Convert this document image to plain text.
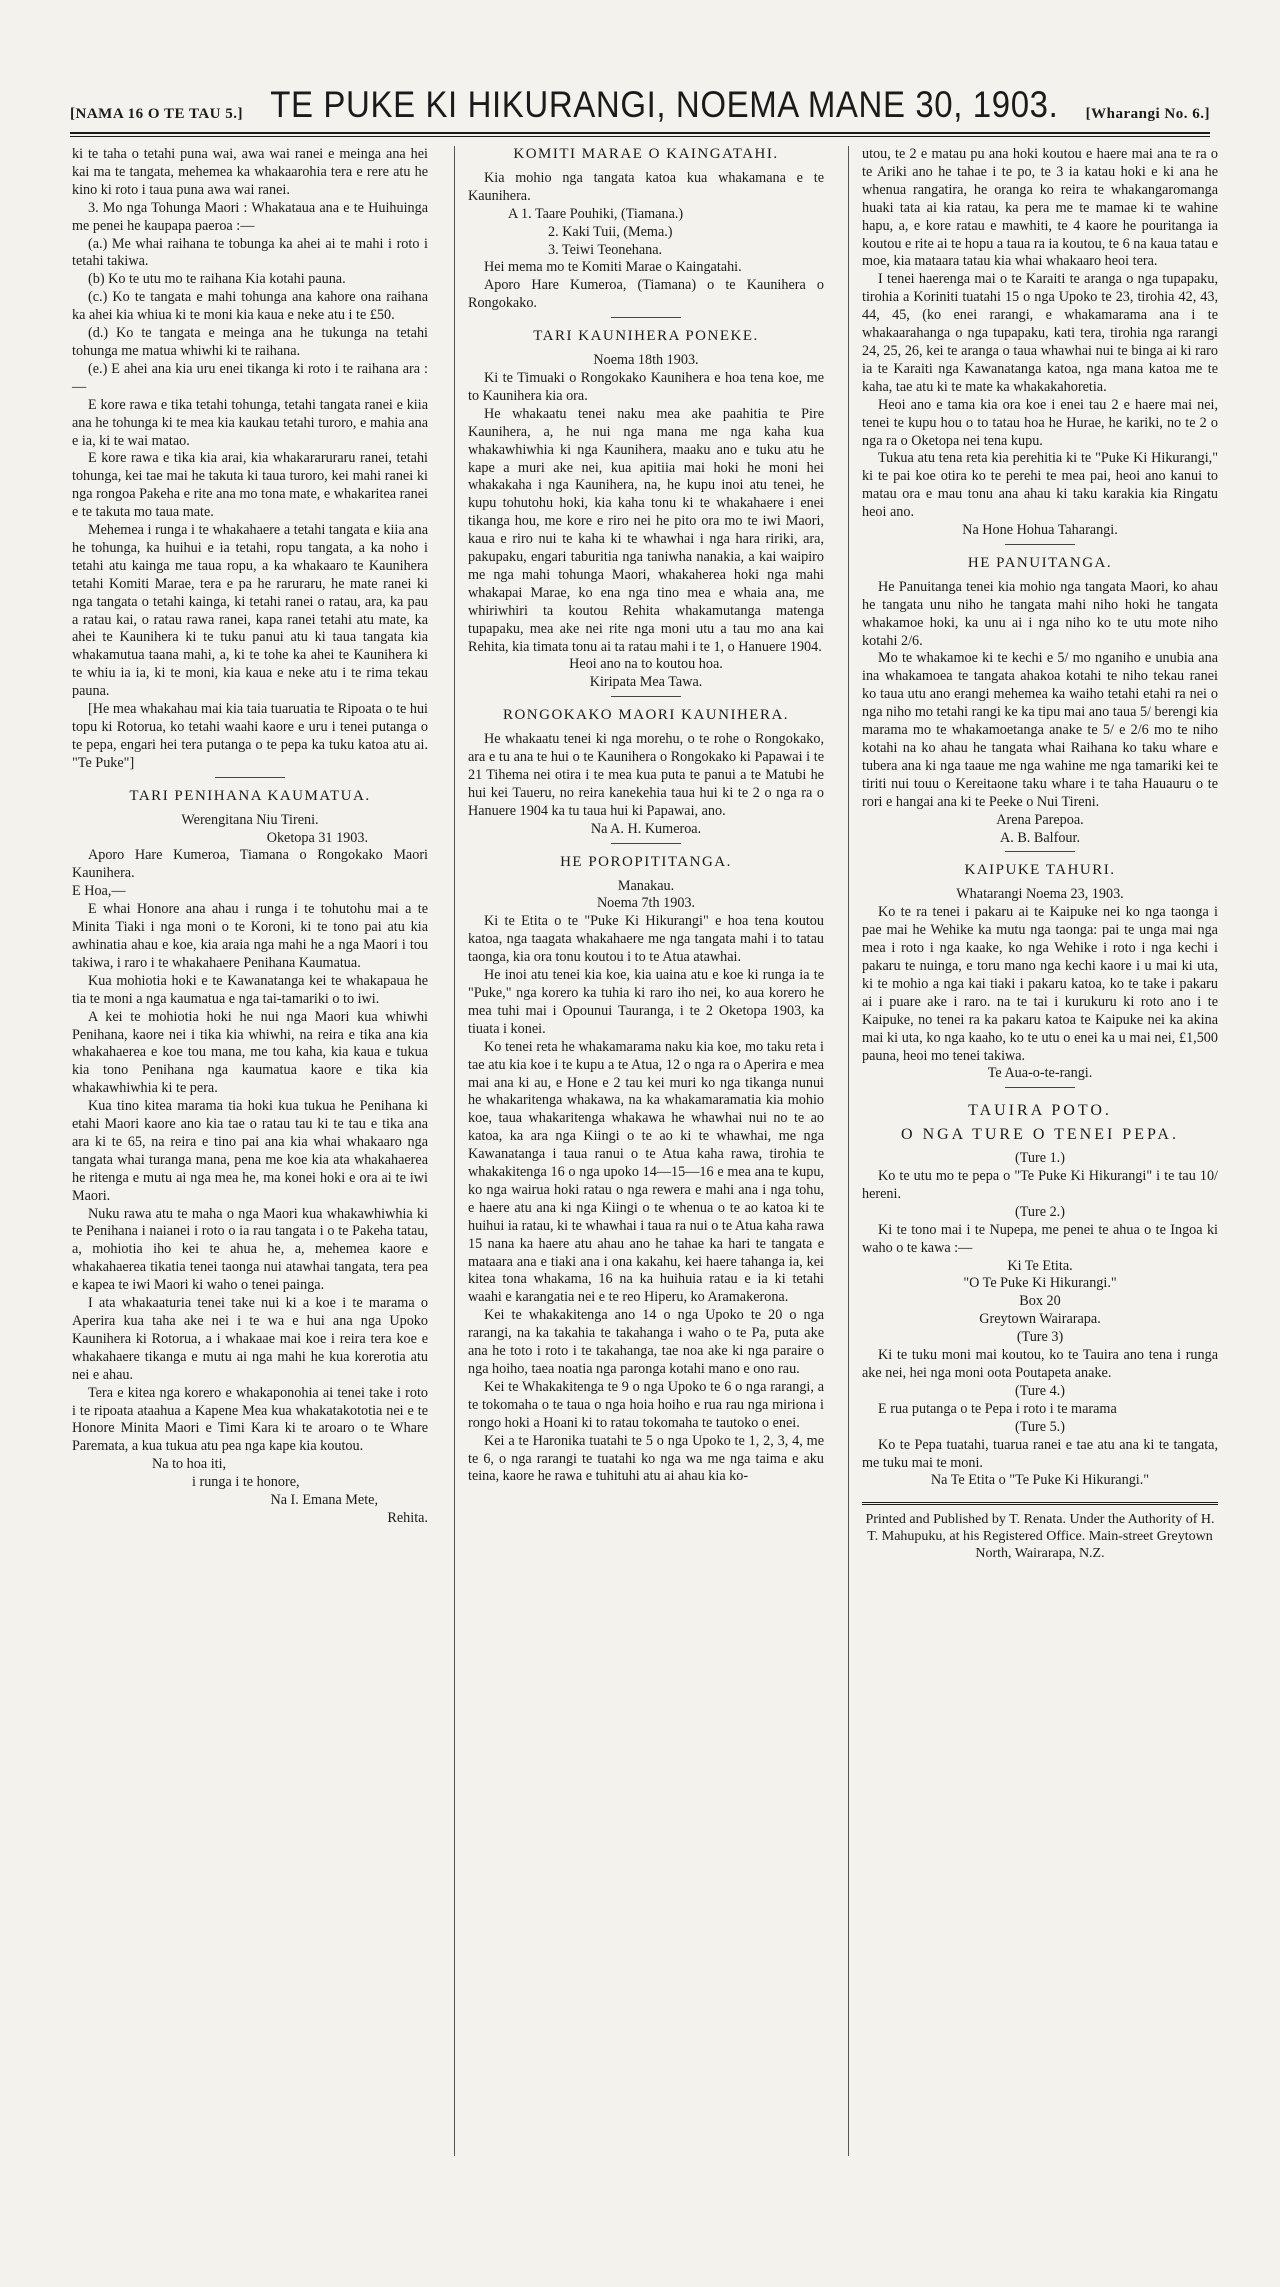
[NAMA 16 O TE TAU 5.] TE PUKE KI HIKURANGI, NOEMA MANE 30, 1903. [Wharangi No. 6.]

ki te taha o tetahi puna wai, awa wai ranei e meinga ana hei kai ma te tangata, mehemea ka whakaarohia tera e rere atu he kino ki roto i taua puna awa wai ranei.

3. Mo nga Tohunga Maori : Whakataua ana e te Huihuinga me penei he kaupapa paeroa :—

(a.) Me whai raihana te tobunga ka ahei ai te mahi i roto i tetahi takiwa.

(b) Ko te utu mo te raihana Kia kotahi pauna.

(c.) Ko te tangata e mahi tohunga ana kahore ona raihana ka ahei kia whiua ki te moni kia kaua e neke atu i te £50.

(d.) Ko te tangata e meinga ana he tukunga na tetahi tohunga me matua whiwhi ki te raihana.

(e.) E ahei ana kia uru enei tikanga ki roto i te raihana ara :—

E kore rawa e tika tetahi tohunga, tetahi tangata ranei e kiia ana he tohunga ki te mea kia kaukau tetahi turoro, e mahia ana e ia, ki te wai matao.

E kore rawa e tika kia arai, kia whakararuraru ranei, tetahi tohunga, kei tae mai he takuta ki taua turoro, kei mahi ranei ki nga rongoa Pakeha e rite ana mo tona mate, e whakaritea ranei e te takuta mo taua mate.

Mehemea i runga i te whakahaere a tetahi tangata e kiia ana he tohunga, ka huihui e ia tetahi, ropu tangata, a ka noho i tetahi atu kainga me taua ropu, a ka whakaaro te Kaunihera tetahi Komiti Marae, tera e pa he raruraru, he mate ranei ki nga tangata o tetahi kainga, ki tetahi ranei o ratau, ara, ka pau a ratau kai, o ratau rawa ranei, kapa ranei tetahi atu mate, ka ahei te Kaunihera ki te tuku panui atu ki taua tangata kia whakamutua taana mahi, a, ki te tohe ka ahei te Kaunihera ki te whiu ia ia, ki te moni, kia kaua e neke atu i te rima tekau pauna.

[He mea whakahau mai kia taia tuaruatia te Ripoata o te hui topu ki Rotorua, ko tetahi waahi kaore e uru i tenei putanga o te pepa, engari hei tera putanga o te pepa ka tuku katoa atu ai. "Te Puke"]

TARI PENIHANA KAUMATUA.

Werengitana Niu Tireni.

Oketopa 31 1903.

Aporo Hare Kumeroa, Tiamana o Rongokako Maori Kaunihera.

E Hoa,—

E whai Honore ana ahau i runga i te tohutohu mai a te Minita Tiaki i nga moni o te Koroni, ki te tono pai atu kia awhinatia ahau e koe, kia araia nga mahi he a nga Maori i tou takiwa, i raro i te whakahaere Penihana Kaumatua.

Kua mohiotia hoki e te Kawanatanga kei te whakapaua he tia te moni a nga kaumatua e nga tai-tamariki o to iwi.

A kei te mohiotia hoki he nui nga Maori kua whiwhi Penihana, kaore nei i tika kia whiwhi, na reira e tika ana kia whakahaerea e koe tou mana, me tou kaha, kia kaua e tukua kia tono Penihana nga kaumatua kaore e tika kia whakawhiwhia ki te pera.

Kua tino kitea marama tia hoki kua tukua he Penihana ki etahi Maori kaore ano kia tae o ratau tau ki te tau e tika ana ara ki te 65, na reira e tino pai ana kia whai whakaaro nga tangata whai turanga mana, pena me koe kia ata whakahaerea he ritenga e mutu ai nga mea he, ma konei hoki e ora ai te iwi Maori.

Nuku rawa atu te maha o nga Maori kua whakawhiwhia ki te Penihana i naianei i roto o ia rau tangata i o te Pakeha tatau, a, mohiotia iho kei te ahua he, a, mehemea kaore e whakahaerea tikatia tenei taonga nui atawhai tangata, tera pea e kapea te iwi Maori ki waho o tenei painga.

I ata whakaaturia tenei take nui ki a koe i te marama o Aperira kua taha ake nei i te wa e hui ana nga Upoko Kaunihera ki Rotorua, a i whakaae mai koe i reira tera koe e whakahaere tikanga e mutu ai nga mahi he kua korerotia atu nei e ahau.

Tera e kitea nga korero e whakaponohia ai tenei take i roto i te ripoata ataahua a Kapene Mea kua whakatakototia nei e te Honore Minita Maori e Timi Kara ki te aroaro o te Whare Paremata, a kua tukua atu pea nga kape kia koutou.

Na to hoa iti,

i runga i te honore,

Na I. Emana Mete,

Rehita.

KOMITI MARAE O KAINGATAHI.

Kia mohio nga tangata katoa kua whakamana e te Kaunihera.

A 1. Taare Pouhiki, (Tiamana.)

2. Kaki Tuii, (Mema.)

3. Teiwi Teonehana.

Hei mema mo te Komiti Marae o Kaingatahi.

Aporo Hare Kumeroa, (Tiamana) o te Kaunihera o Rongokako.

TARI KAUNIHERA PONEKE.

Noema 18th 1903.

Ki te Timuaki o Rongokako Kaunihera e hoa tena koe, me to Kaunihera kia ora.

He whakaatu tenei naku mea ake paahitia te Pire Kaunihera, a, he nui nga mana me nga kaha kua whakawhiwhia ki nga Kaunihera, maaku ano e tuku atu he kape a muri ake nei, kua apitiia mai hoki he moni hei whakakaha i nga Kaunihera, na, he kupu inoi atu tenei, he kupu tohutohu hoki, kia kaha tonu ki te whakahaere i enei tikanga hou, me kore e riro nei he pito ora mo te iwi Maori, kaua e riro nui te kaha ki te whawhai i nga hara ririki, ara, pakupaku, engari taburitia nga taniwha nanakia, a kai waipiro me nga mahi tohunga Maori, whakaherea hoki nga mahi whakapai Marae, ko ena nga tino mea e whaia ana, me whiriwhiri ta koutou Rehita whakamutanga matenga tupapaku, mea ake nei rite nga moni utu a tau mo ana kai Rehita, kia timata tonu ai ta ratau mahi i te 1, o Hanuere 1904.

Heoi ano na to koutou hoa.

Kiripata Mea Tawa.

RONGOKAKO MAORI KAUNIHERA.

He whakaatu tenei ki nga morehu, o te rohe o Rongokako, ara e tu ana te hui o te Kaunihera o Rongokako ki Papawai i te 21 Tihema nei otira i te mea kua puta te panui a te Matubi he hui kei Taueru, no reira kanekehia taua hui ki te 2 o nga ra o Hanuere 1904 ka tu taua hui ki Papawai, ano.

Na A. H. Kumeroa.

HE POROPITITANGA.

Manakau.

Noema 7th 1903.

Ki te Etita o te "Puke Ki Hikurangi" e hoa tena koutou katoa, nga taagata whakahaere me nga tangata mahi i to tatau taonga, kia ora tonu koutou i to te Atua atawhai.

He inoi atu tenei kia koe, kia uaina atu e koe ki runga ia te "Puke," nga korero ka tuhia ki raro iho nei, ko aua korero he mea tuhi mai i Opounui Tauranga, i te 2 Oketopa 1903, ka tiuata i konei.

Ko tenei reta he whakamarama naku kia koe, mo taku reta i tae atu kia koe i te kupu a te Atua, 12 o nga ra o Aperira e mea mai ana ki au, e Hone e 2 tau kei muri ko nga tikanga nunui he whakaritenga whakawa, na ka whakamaramatia kia mohio koe, taua whakaritenga whakawa he whawhai nui no te ao katoa, ka ara nga Kiingi o te ao ki te whawhai, me nga Kawanatanga i taua ranui o te Atua kaha rawa, tirohia te whakakitenga 16 o nga upoko 14—15—16 e mea ana te kupu, ko nga wairua hoki ratau o nga rewera e mahi ana i nga tohu, e haere atu ana ki nga Kiingi o te whenua o te ao katoa ki te huihui ia ratau, ki te whawhai i taua ra nui o te Atua kaha rawa 15 nana ka haere atu ahau ano he tahae ka hari te tangata e mataara ana e tiaki ana i ona kakahu, kei haere tahanga ia, kei kitea tona whakama, 16 na ka huihuia ratau e ia ki tetahi waahi e karangatia nei e te reo Hiperu, ko Aramakerona.

Kei te whakakitenga ano 14 o nga Upoko te 20 o nga rarangi, na ka takahia te takahanga i waho o te Pa, puta ake ana he toto i roto i te takahanga, tae noa ake ki nga paraire o nga hoiho, taea noatia nga paronga kotahi mano e ono rau.

Kei te Whakakitenga te 9 o nga Upoko te 6 o nga rarangi, a te tokomaha o te taua o nga hoia hoiho e rua rau nga miriona i rongo hoki a Hoani ki to ratau tokomaha te tautoko o enei.

Kei a te Haronika tuatahi te 5 o nga Upoko te 1, 2, 3, 4, me te 6, o nga rarangi te tuatahi ko nga wa me nga taima e aku teina, kaore he rawa e tuhituhi atu ai ahau kia ko-

utou, te 2 e matau pu ana hoki koutou e haere mai ana te ra o te Ariki ano he tahae i te po, te 3 ia katau hoki e ki ana he whenua rangatira, he oranga ko reira te whakangaromanga huaki tata ai kia ratau, ka pera me te mamae ki te wahine hapu, a, e kore ratau e mawhiti, te 4 kaore he pouritanga ia koutou e rite ai te hopu a taua ra ia koutou, te 6 na kaua tatau e moe, kia mataara tatau kia whai whakaaro heoi tera.

I tenei haerenga mai o te Karaiti te aranga o nga tupapaku, tirohia a Koriniti tuatahi 15 o nga Upoko te 23, tirohia 42, 43, 44, 45, (ko enei rarangi, e whakamarama ana i te whakaarahanga o nga tupapaku, kati tera, tirohia nga rarangi 24, 25, 26, kei te aranga o taua whawhai nui te binga ai ki raro ia te Karaiti nga Kawanatanga katoa, nga mana katoa me te kaha, tae atu ki te mate ka whakakahoretia.

Heoi ano e tama kia ora koe i enei tau 2 e haere mai nei, tenei te kupu hou o to tatau hoa he Hurae, he kariki, no te 2 o nga ra o Oketopa nei tena kupu.

Tukua atu tena reta kia perehitia ki te "Puke Ki Hikurangi," ki te pai koe otira ko te perehi te mea pai, heoi ano kanui to matau ora e mau tonu ana ahau ki taku karakia kia Ringatu heoi ano.

Na Hone Hohua Taharangi.

HE PANUITANGA.

He Panuitanga tenei kia mohio nga tangata Maori, ko ahau he tangata unu niho he tangata mahi niho hoki he tangata whakamoe hoki, ka unu ai i nga niho ko te utu mote niho kotahi 2/6.

Mo te whakamoe ki te kechi e 5/ mo nganiho e unubia ana ina whakamoea te tangata ahakoa kotahi te niho tekau ranei ko taua utu ano erangi mehemea ka waiho tetahi etahi ra nei o nga niho mo tetahi rangi ke ka tipu mai ano taua 5/ berengi kia marama mo te whakamoetanga anake te 5/ e 2/6 mo te niho kotahi na ko ahau he tangata whai Raihana ko taku whare e tubera ana ki nga taaue me nga wahine me nga tamariki kei te tiriti nui touu o Kereitaone taku whare i te taha Hauauru o te rori e hangai ana ki te Peeke o Nui Tireni.

Arena Parepoa.

A. B. Balfour.

KAIPUKE TAHURI.

Whatarangi Noema 23, 1903.

Ko te ra tenei i pakaru ai te Kaipuke nei ko nga taonga i pae mai he Wehike ka mutu nga taonga: pai te unga mai nga mea i roto i nga kaake, ko nga Wehike i roto i nga kechi i pakaru te nuinga, e toru mano nga kechi kaore i u mai ki uta, ki te mohio a nga kai tiaki i pakaru katoa, ko te take i pakaru ai i puare ake i raro. na te tai i kurukuru ki roto ano i te Kaipuke, no tenei ra ka pakaru katoa te Kaipuke nei ka akina mai ki uta, ko nga kaaho, ko te utu o enei ka u mai nei, £1,500 pauna, heoi mo tenei takiwa.

Te Aua-o-te-rangi.

TAUIRA POTO.
O NGA TURE O TENEI PEPA.

(Ture 1.)

Ko te utu mo te pepa o "Te Puke Ki Hikurangi" i te tau 10/ hereni.

(Ture 2.)

Ki te tono mai i te Nupepa, me penei te ahua o te Ingoa ki waho o te kawa :—

Ki Te Etita.

"O Te Puke Ki Hikurangi."

Box 20

Greytown Wairarapa.

(Ture 3)

Ki te tuku moni mai koutou, ko te Tauira ano tena i runga ake nei, hei nga moni oota Poutapeta anake.

(Ture 4.)

E rua putanga o te Pepa i roto i te marama

(Ture 5.)

Ko te Pepa tuatahi, tuarua ranei e tae atu ana ki te tangata, me tuku mai te moni.

Na Te Etita o "Te Puke Ki Hikurangi."

Printed and Published by T. Renata. Under the Authority of H. T. Mahupuku, at his Registered Office. Main-street Greytown North, Wairarapa, N.Z.
